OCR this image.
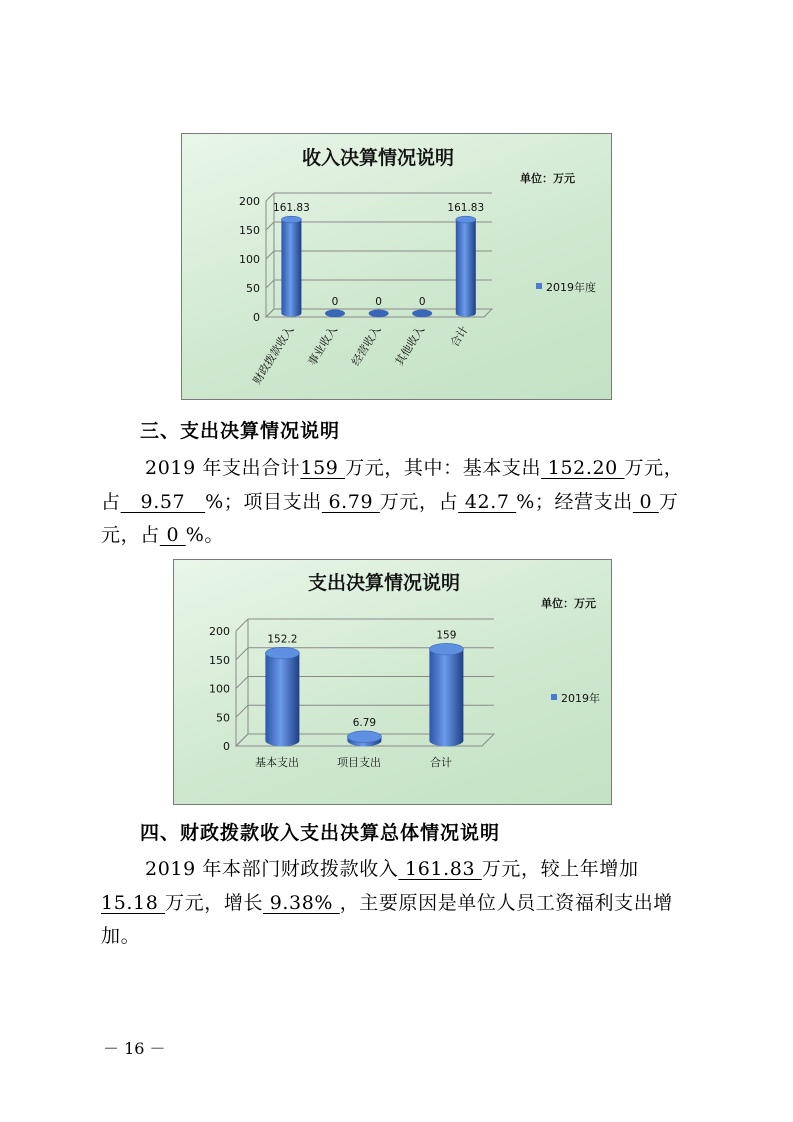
收入决算情况说明
单位：万元
0
50
100
150
200
161.83
0	0	0
161.83
财政拨款收入 事业收入 经营收入 其他收入 合计
2019年度
三、支出决算情况说明
2019 年支出合计159 万元，其中：基本支出 152.20 万元，占   9.57   %；项目支出 6.79 万元，占 42.7 %；经营支出 0 万元，占 0 %。
支出决算情况说明
单位：万元
0
50
100
150
200
152.2
6.79
159
基本支出	项目支出	合计
2019年
四、财政拨款收入支出决算总体情况说明
2019 年本部门财政拨款收入 161.83 万元，较上年增加15.18 万元，增长 9.38% ，主要原因是单位人员工资福利支出增加。
－ 16 －
